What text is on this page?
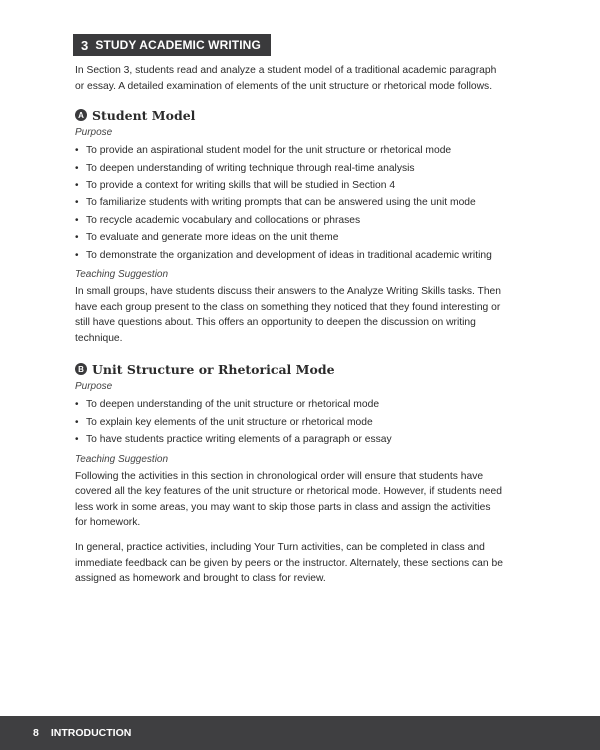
3 STUDY ACADEMIC WRITING

In Section 3, students read and analyze a student model of a traditional academic paragraph or essay. A detailed examination of elements of the unit structure or rhetorical mode follows.

A Student Model
Purpose
• To provide an aspirational student model for the unit structure or rhetorical mode
• To deepen understanding of writing technique through real-time analysis
• To provide a context for writing skills that will be studied in Section 4
• To familiarize students with writing prompts that can be answered using the unit mode
• To recycle academic vocabulary and collocations or phrases
• To evaluate and generate more ideas on the unit theme
• To demonstrate the organization and development of ideas in traditional academic writing
Teaching Suggestion

In small groups, have students discuss their answers to the Analyze Writing Skills tasks. Then have each group present to the class on something they noticed that they found interesting or still have questions about. This offers an opportunity to deepen the discussion on writing technique.

B Unit Structure or Rhetorical Mode
Purpose
• To deepen understanding of the unit structure or rhetorical mode
• To explain key elements of the unit structure or rhetorical mode
• To have students practice writing elements of a paragraph or essay
Teaching Suggestion

Following the activities in this section in chronological order will ensure that students have covered all the key features of the unit structure or rhetorical mode. However, if students need less work in some areas, you may want to skip those parts in class and assign the activities for homework.

In general, practice activities, including Your Turn activities, can be completed in class and immediate feedback can be given by peers or the instructor. Alternately, these sections can be assigned as homework and brought to class for review.

8 INTRODUCTION
